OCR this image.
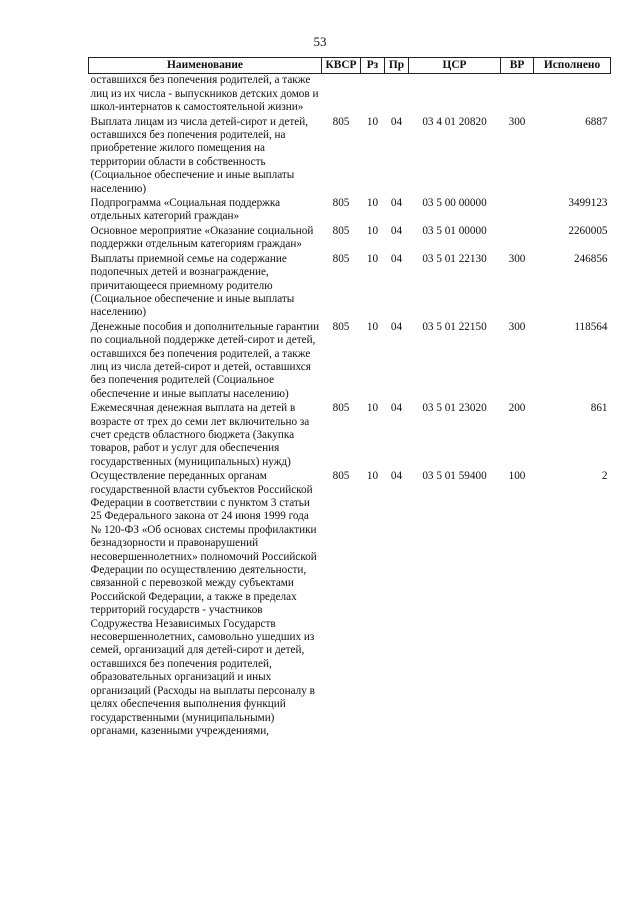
53
Наименование	КВСР	Рз	Пр	ЦСР	ВР	Исполнено
оставшихся без попечения родителей, а также лиц из их числа - выпускников детских домов и школ-интернатов к самостоятельной жизни»						
Выплата лицам из числа детей-сирот и детей, оставшихся без попечения родителей, на приобретение жилого помещения на территории области в собственность (Социальное обеспечение и иные выплаты населению)	805	10	04	03 4 01 20820	300	6887
Подпрограмма «Социальная поддержка отдельных категорий граждан»	805	10	04	03 5 00 00000		3499123
Основное мероприятие «Оказание социальной поддержки отдельным категориям граждан»	805	10	04	03 5 01 00000		2260005
Выплаты приемной семье на содержание подопечных детей и вознаграждение, причитающееся приемному родителю (Социальное обеспечение и иные выплаты населению)	805	10	04	03 5 01 22130	300	246856
Денежные пособия и дополнительные гарантии по социальной поддержке детей-сирот и детей, оставшихся без попечения родителей, а также лиц из числа детей-сирот и детей, оставшихся без попечения родителей (Социальное обеспечение и иные выплаты населению)	805	10	04	03 5 01 22150	300	118564
Ежемесячная денежная выплата на детей в возрасте от трех до семи лет включительно за счет средств областного бюджета (Закупка товаров, работ и услуг для обеспечения государственных (муниципальных) нужд)	805	10	04	03 5 01 23020	200	861
Осуществление переданных органам государственной власти субъектов Российской Федерации в соответствии с пунктом 3 статьи 25 Федерального закона от 24 июня 1999 года № 120-ФЗ «Об основах системы профилактики безнадзорности и правонарушений несовершеннолетних» полномочий Российской Федерации по осуществлению деятельности, связанной с перевозкой между субъектами Российской Федерации, а также в пределах территорий государств - участников Содружества Независимых Государств несовершеннолетних, самовольно ушедших из семей, организаций для детей-сирот и детей, оставшихся без попечения родителей, образовательных организаций и иных организаций (Расходы на выплаты персоналу в целях обеспечения выполнения функций государственными (муниципальными) органами, казенными учреждениями,	805	10	04	03 5 01 59400	100	2
